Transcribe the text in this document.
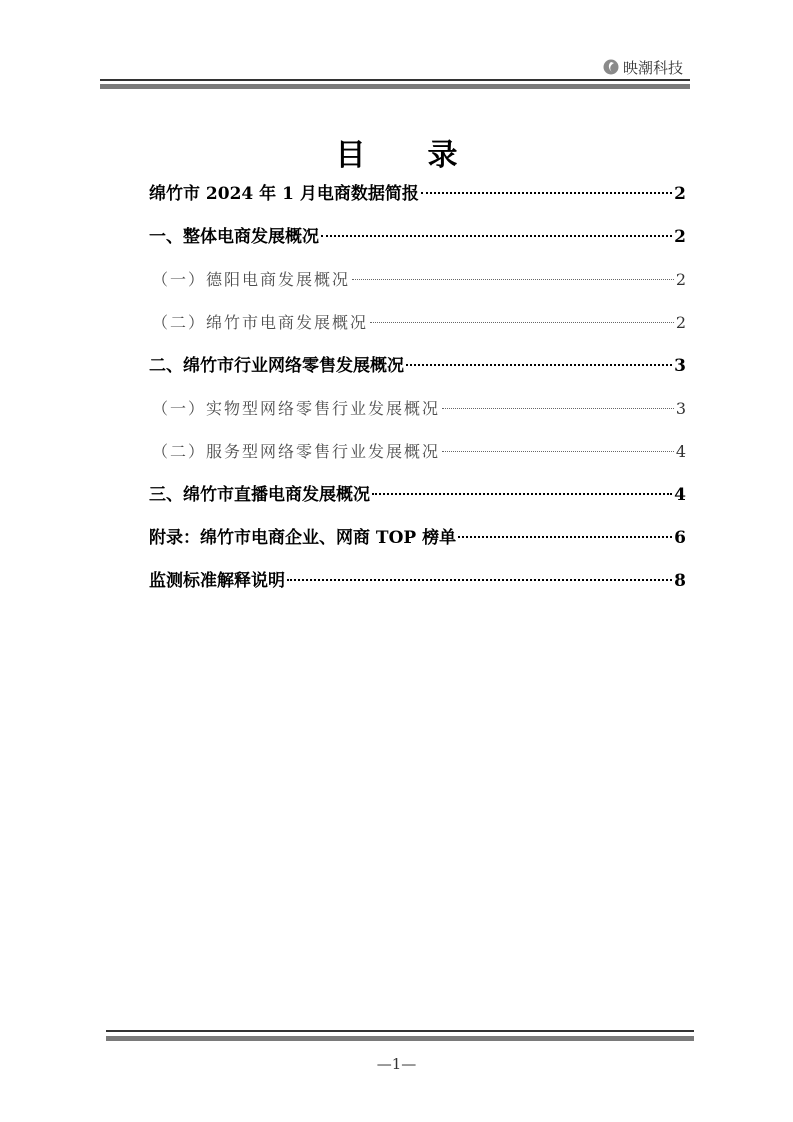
映潮科技
目录
绵竹市 2024 年 1 月电商数据简报	2
一、整体电商发展概况	2
（一）德阳电商发展概况	2
（二）绵竹市电商发展概况	2
二、绵竹市行业网络零售发展概况	3
（一）实物型网络零售行业发展概况	3
（二）服务型网络零售行业发展概况	4
三、绵竹市直播电商发展概况	4
附录：绵竹市电商企业、网商 TOP 榜单	6
监测标准解释说明	8
—1—
